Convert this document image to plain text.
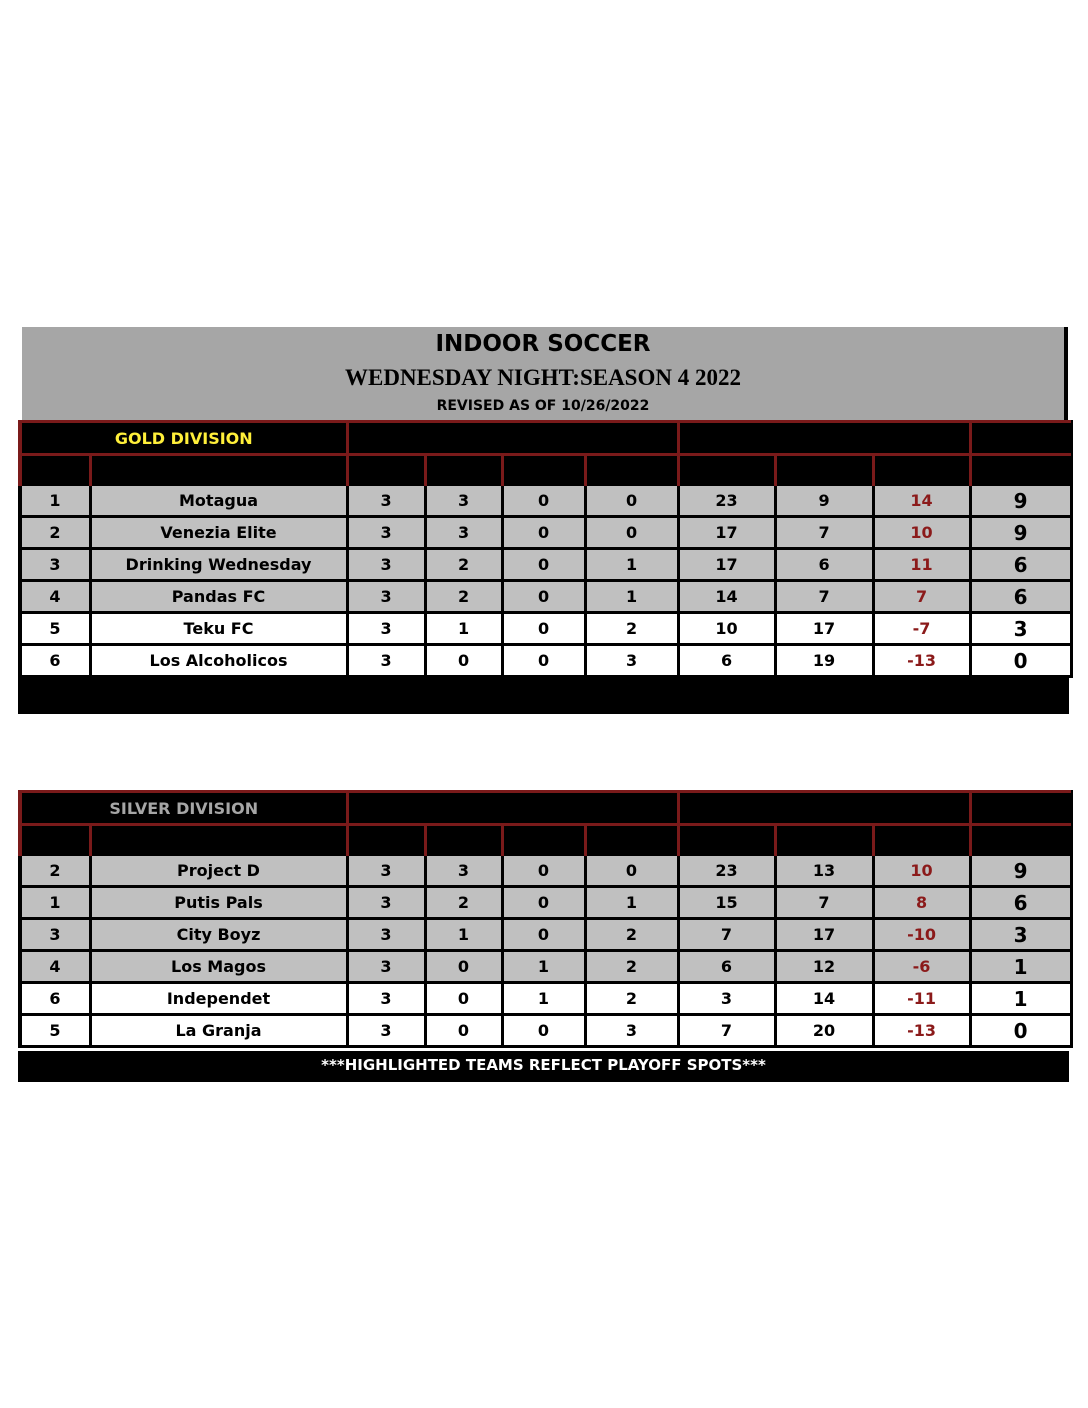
INDOOR SOCCER
WEDNESDAY NIGHT:SEASON 4 2022
REVISED AS OF 10/26/2022
GOLD DIVISION		SEASON RECORD				GOALS			TOTAL
POS.	TEAM NAME	GAMES	WINS	TIES	LOSSES	FOR	AGAINST	DIFF.	POINTS
1	Motagua	3	3	0	0	23	9	14	9
2	Venezia Elite	3	3	0	0	17	7	10	9
3	Drinking Wednesday	3	2	0	1	17	6	11	6
4	Pandas FC	3	2	0	1	14	7	7	6
5	Teku FC	3	1	0	2	10	17	-7	3
6	Los Alcoholicos	3	0	0	3	6	19	-13	0
SILVER DIVISION		SEASON RECORD				GOALS			TOTAL
POS.	TEAM NAME	GAMES	WINS	TIES	LOSSES	FOR	AGAINST	DIFF.	POINTS
2	Project D	3	3	0	0	23	13	10	9
1	Putis Pals	3	2	0	1	15	7	8	6
3	City Boyz	3	1	0	2	7	17	-10	3
4	Los Magos	3	0	1	2	6	12	-6	1
6	Independet	3	0	1	2	3	14	-11	1
5	La Granja	3	0	0	3	7	20	-13	0
***HIGHLIGHTED TEAMS REFLECT PLAYOFF SPOTS***
